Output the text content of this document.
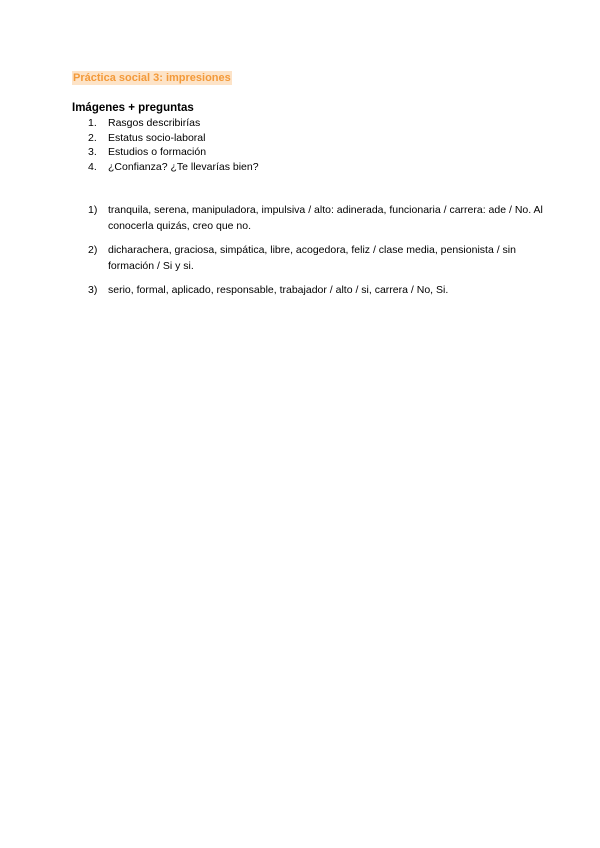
Práctica social 3: impresiones
Imágenes + preguntas
1.	Rasgos describirías
2.	Estatus socio-laboral
3.	Estudios o formación
4.	¿Confianza? ¿Te llevarías bien?
1) tranquila, serena, manipuladora, impulsiva / alto: adinerada, funcionaria / carrera: ade / No. Al conocerla quizás, creo que no.
2) dicharachera, graciosa, simpática, libre, acogedora, feliz / clase media, pensionista / sin formación / Si y si.
3) serio, formal, aplicado, responsable, trabajador / alto / si, carrera / No, Si.
